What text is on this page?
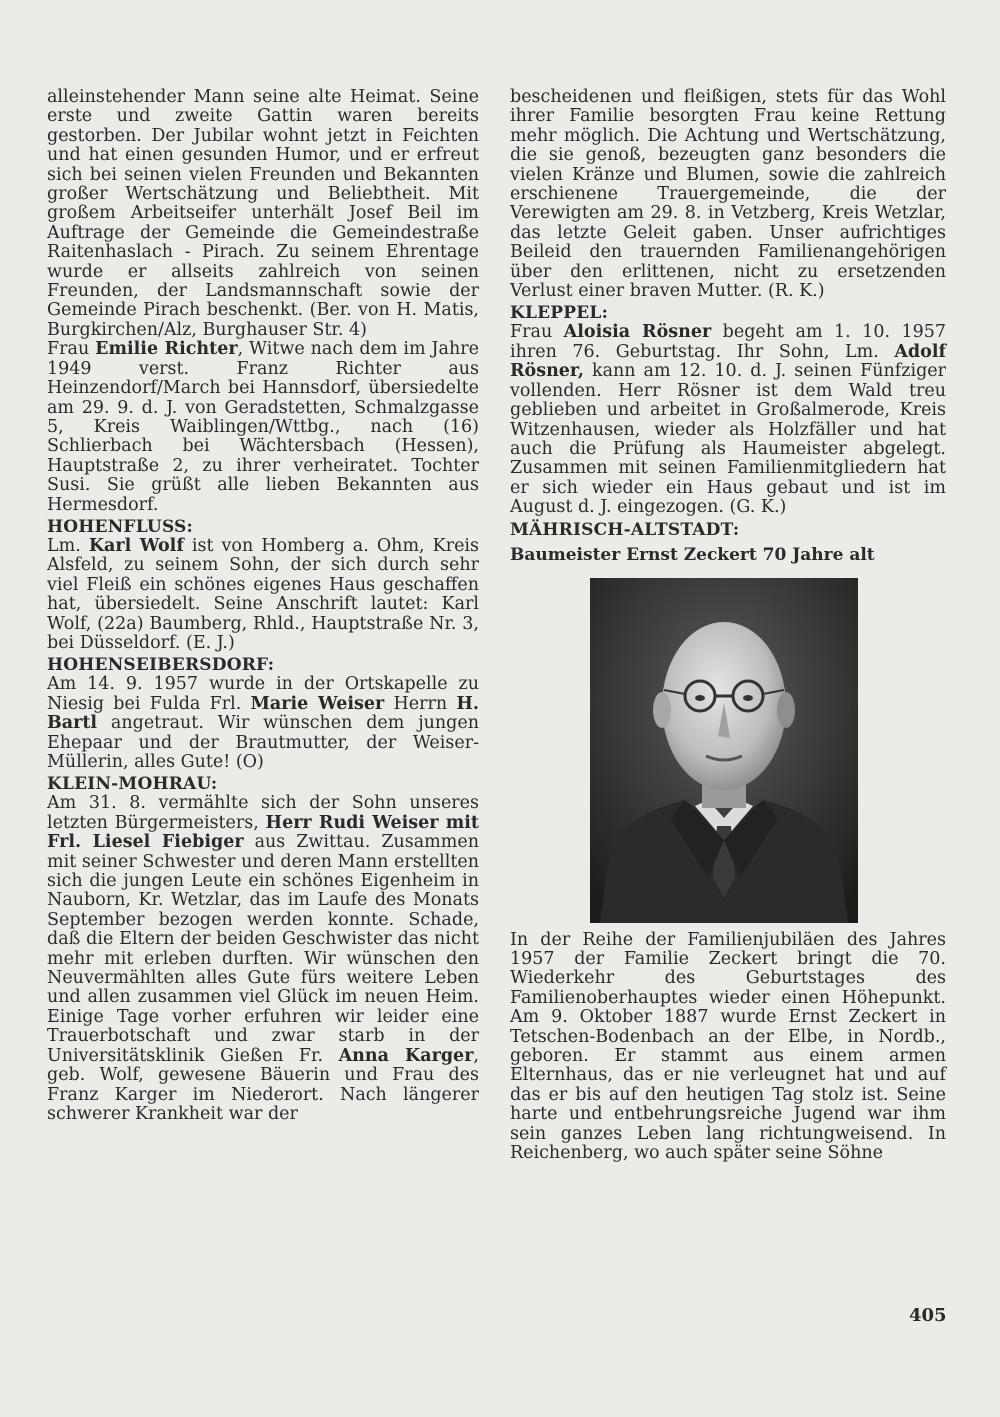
alleinstehender Mann seine alte Heimat. Seine erste und zweite Gattin waren bereits gestorben. Der Jubilar wohnt jetzt in Feichten und hat einen gesunden Humor, und er erfreut sich bei seinen vielen Freunden und Bekannten großer Wertschätzung und Beliebtheit. Mit großem Arbeitseifer unterhält Josef Beil im Auftrage der Gemeinde die Gemeindestraße Raitenhaslach - Pirach. Zu seinem Ehrentage wurde er allseits zahlreich von seinen Freunden, der Landsmannschaft sowie der Gemeinde Pirach beschenkt. (Ber. von H. Matis, Burgkirchen/Alz, Burghauser Str. 4)

Frau Emilie Richter, Witwe nach dem im Jahre 1949 verst. Franz Richter aus Heinzendorf/March bei Hannsdorf, übersiedelte am 29. 9. d. J. von Geradstetten, Schmalzgasse 5, Kreis Waiblingen/Wttbg., nach (16) Schlierbach bei Wächtersbach (Hessen), Hauptstraße 2, zu ihrer verheiratet. Tochter Susi. Sie grüßt alle lieben Bekannten aus Hermesdorf.

HOHENFLUSS:

Lm. Karl Wolf ist von Homberg a. Ohm, Kreis Alsfeld, zu seinem Sohn, der sich durch sehr viel Fleiß ein schönes eigenes Haus geschaffen hat, übersiedelt. Seine Anschrift lautet: Karl Wolf, (22a) Baumberg, Rhld., Hauptstraße Nr. 3, bei Düsseldorf. (E. J.)

HOHENSEIBERSDORF:

Am 14. 9. 1957 wurde in der Ortskapelle zu Niesig bei Fulda Frl. Marie Weiser Herrn H. Bartl angetraut. Wir wünschen dem jungen Ehepaar und der Brautmutter, der Weiser-Müllerin, alles Gute! (O)

KLEIN-MOHRAU:

Am 31. 8. vermählte sich der Sohn unseres letzten Bürgermeisters, Herr Rudi Weiser mit Frl. Liesel Fiebiger aus Zwittau. Zusammen mit seiner Schwester und deren Mann erstellten sich die jungen Leute ein schönes Eigenheim in Nauborn, Kr. Wetzlar, das im Laufe des Monats September bezogen werden konnte. Schade, daß die Eltern der beiden Geschwister das nicht mehr mit erleben durften. Wir wünschen den Neuvermählten alles Gute fürs weitere Leben und allen zusammen viel Glück im neuen Heim. Einige Tage vorher erfuhren wir leider eine Trauerbotschaft und zwar starb in der Universitätsklinik Gießen Fr. Anna Karger, geb. Wolf, gewesene Bäuerin und Frau des Franz Karger im Niederort. Nach längerer schwerer Krankheit war der

bescheidenen und fleißigen, stets für das Wohl ihrer Familie besorgten Frau keine Rettung mehr möglich. Die Achtung und Wertschätzung, die sie genoß, bezeugten ganz besonders die vielen Kränze und Blumen, sowie die zahlreich erschienene Trauergemeinde, die der Verewigten am 29. 8. in Vetzberg, Kreis Wetzlar, das letzte Geleit gaben. Unser aufrichtiges Beileid den trauernden Familienangehörigen über den erlittenen, nicht zu ersetzenden Verlust einer braven Mutter. (R. K.)

KLEPPEL:

Frau Aloisia Rösner begeht am 1. 10. 1957 ihren 76. Geburtstag. Ihr Sohn, Lm. Adolf Rösner, kann am 12. 10. d. J. seinen Fünfziger vollenden. Herr Rösner ist dem Wald treu geblieben und arbeitet in Großalmerode, Kreis Witzenhausen, wieder als Holzfäller und hat auch die Prüfung als Haumeister abgelegt. Zusammen mit seinen Familienmitgliedern hat er sich wieder ein Haus gebaut und ist im August d. J. eingezogen. (G. K.)

MÄHRISCH-ALTSTADT:
Baumeister Ernst Zeckert 70 Jahre alt

In der Reihe der Familienjubiläen des Jahres 1957 der Familie Zeckert bringt die 70. Wiederkehr des Geburtstages des Familienoberhauptes wieder einen Höhepunkt. Am 9. Oktober 1887 wurde Ernst Zeckert in Tetschen-Bodenbach an der Elbe, in Nordb., geboren. Er stammt aus einem armen Elternhaus, das er nie verleugnet hat und auf das er bis auf den heutigen Tag stolz ist. Seine harte und entbehrungsreiche Jugend war ihm sein ganzes Leben lang richtungweisend. In Reichenberg, wo auch später seine Söhne

405
